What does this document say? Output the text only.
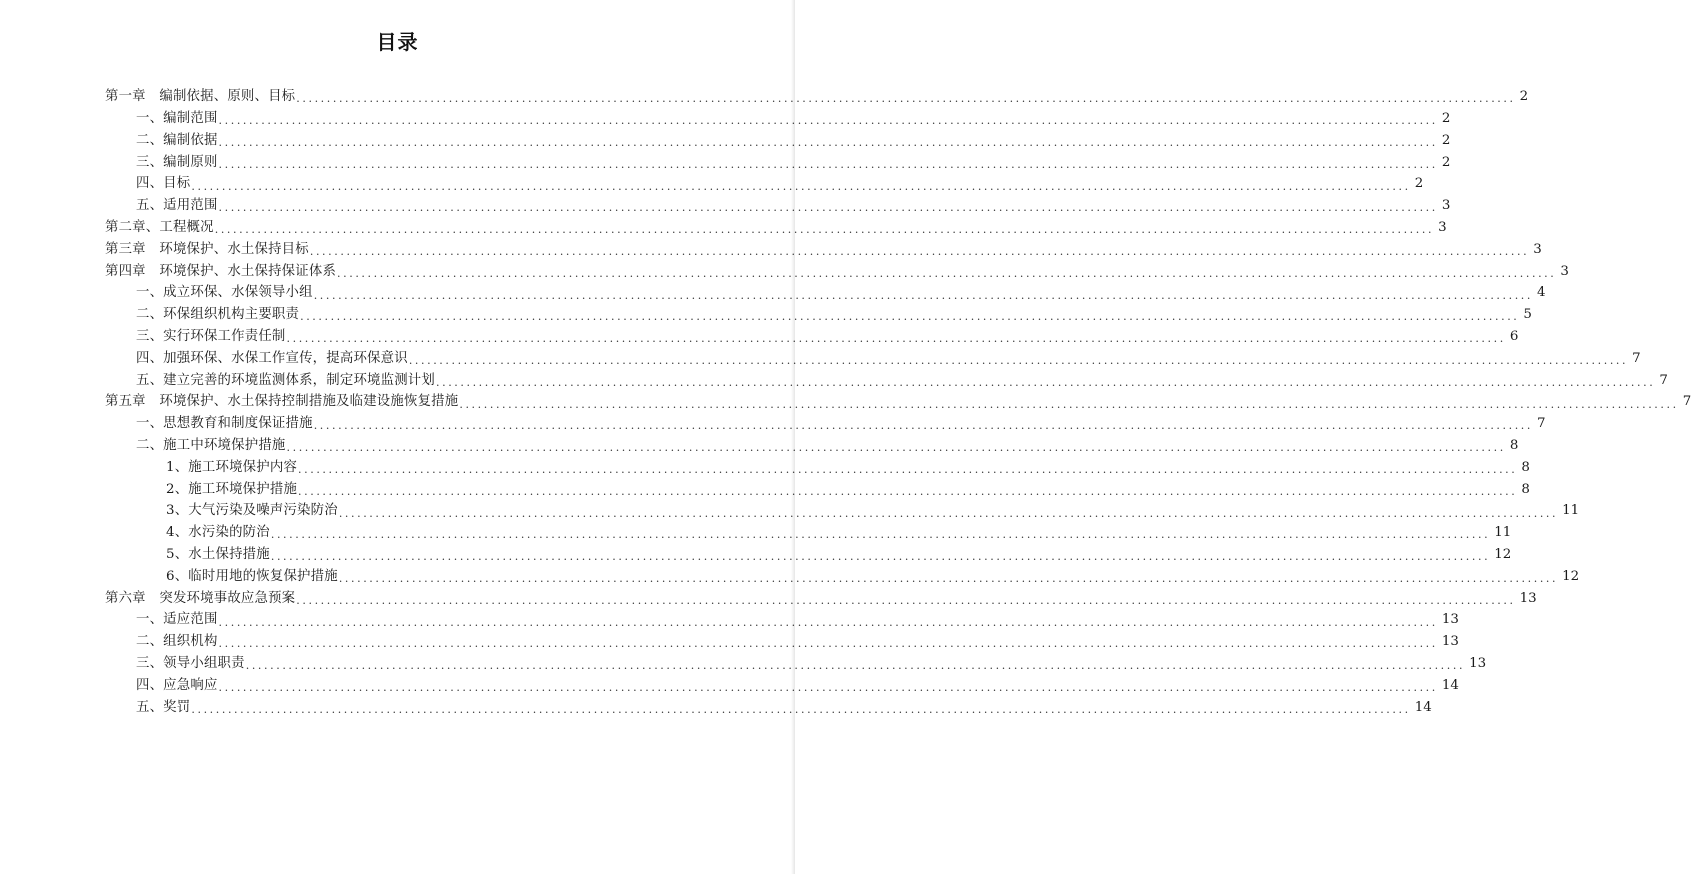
目录
第一章　编制依据、原则、目标 ........................................................................................................................................................................................................ 2
一、编制范围 ........................................................................................................................................................................................................ 2
二、编制依据 ........................................................................................................................................................................................................ 2
三、编制原则 ........................................................................................................................................................................................................ 2
四、目标 ........................................................................................................................................................................................................ 2
五、适用范围 ........................................................................................................................................................................................................ 3
第二章、工程概况 ........................................................................................................................................................................................................ 3
第三章　环境保护、水土保持目标 ........................................................................................................................................................................................................ 3
第四章　环境保护、水土保持保证体系 ........................................................................................................................................................................................................ 3
一、成立环保、水保领导小组 ........................................................................................................................................................................................................ 4
二、环保组织机构主要职责 ........................................................................................................................................................................................................ 5
三、实行环保工作责任制 ........................................................................................................................................................................................................ 6
四、加强环保、水保工作宣传，提高环保意识 ........................................................................................................................................................................................................ 7
五、建立完善的环境监测体系，制定环境监测计划 ........................................................................................................................................................................................................ 7
第五章　环境保护、水土保持控制措施及临建设施恢复措施 ........................................................................................................................................................................................................ 7
一、思想教育和制度保证措施 ........................................................................................................................................................................................................ 7
二、施工中环境保护措施 ........................................................................................................................................................................................................ 8
1、施工环境保护内容 ........................................................................................................................................................................................................ 8
2、施工环境保护措施 ........................................................................................................................................................................................................ 8
3、大气污染及噪声污染防治 ........................................................................................................................................................................................................ 11
4、水污染的防治 ........................................................................................................................................................................................................ 11
5、水土保持措施 ........................................................................................................................................................................................................ 12
6、临时用地的恢复保护措施 ........................................................................................................................................................................................................ 12
第六章　突发环境事故应急预案 ........................................................................................................................................................................................................ 13
一、适应范围 ........................................................................................................................................................................................................ 13
二、组织机构 ........................................................................................................................................................................................................ 13
三、领导小组职责 ........................................................................................................................................................................................................ 13
四、应急响应 ........................................................................................................................................................................................................ 14
五、奖罚 ........................................................................................................................................................................................................ 14
